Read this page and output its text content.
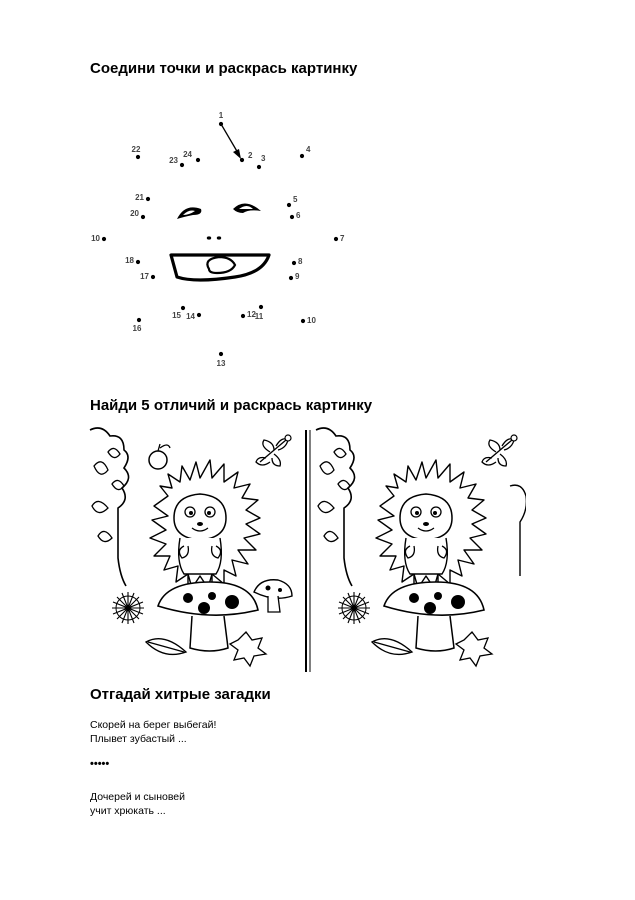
Соедини точки и раскрась картинку
1
2 3
4
5
6
7
8
9
10
11
12
13
14
15
16
17
18
10
20
21
22
23
24
Найди 5 отличий и раскрась картинку
Отгадай хитрые загадки
Скорей на берег выбегай!
Плывет зубастый ...
•••••
Дочерей и сыновей
учит хрюкать ...
